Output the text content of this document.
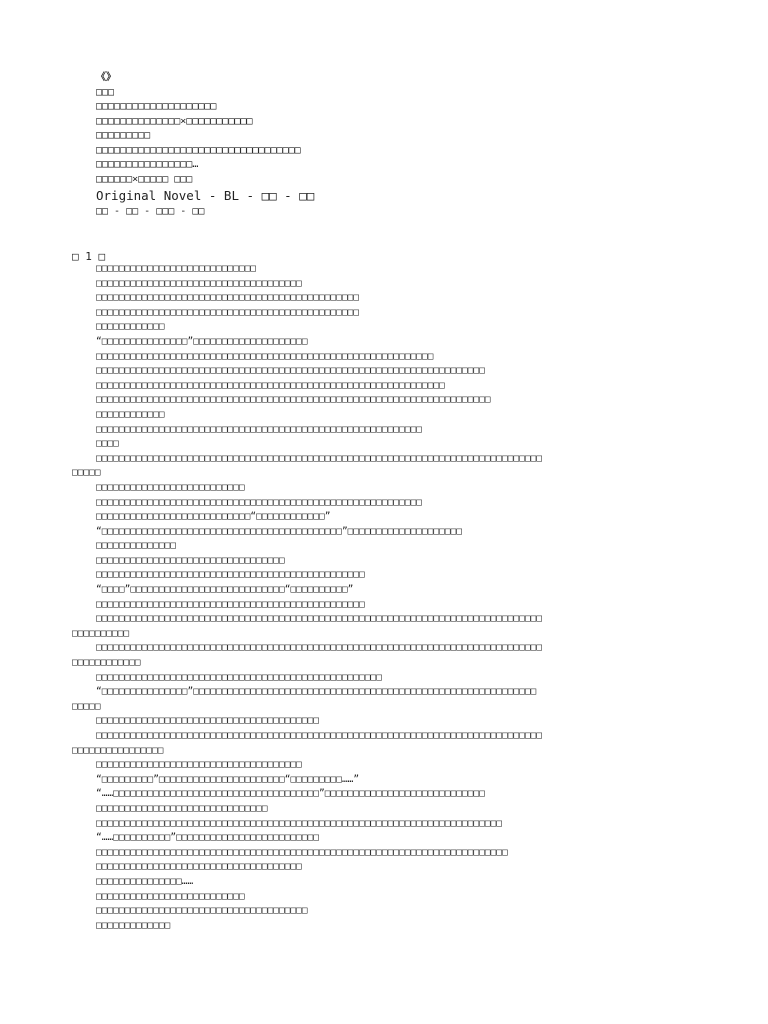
《》
□□□
□□□□□□□□□□□□□□□□□□□□
□□□□□□□□□□□□□□×□□□□□□□□□□□
□□□□□□□□□
□□□□□□□□□□□□□□□□□□□□□□□□□□□□□□□□□□
□□□□□□□□□□□□□□□□…
□□□□□□×□□□□□ □□□
Original Novel - BL - □□ - □□
□□ - □□ - □□□ - □□
□ 1 □
□□□□□□□□□□□□□□□□□□□□□□□□□□□□
□□□□□□□□□□□□□□□□□□□□□□□□□□□□□□□□□□□□
□□□□□□□□□□□□□□□□□□□□□□□□□□□□□□□□□□□□□□□□□□□□□□
□□□□□□□□□□□□□□□□□□□□□□□□□□□□□□□□□□□□□□□□□□□□□□
□□□□□□□□□□□□
“□□□□□□□□□□□□□□□”□□□□□□□□□□□□□□□□□□□□
□□□□□□□□□□□□□□□□□□□□□□□□□□□□□□□□□□□□□□□□□□□□□□□□□□□□□□□□□□□
□□□□□□□□□□□□□□□□□□□□□□□□□□□□□□□□□□□□□□□□□□□□□□□□□□□□□□□□□□□□□□□□□□□□
□□□□□□□□□□□□□□□□□□□□□□□□□□□□□□□□□□□□□□□□□□□□□□□□□□□□□□□□□□□□□
□□□□□□□□□□□□□□□□□□□□□□□□□□□□□□□□□□□□□□□□□□□□□□□□□□□□□□□□□□□□□□□□□□□□□
□□□□□□□□□□□□
□□□□□□□□□□□□□□□□□□□□□□□□□□□□□□□□□□□□□□□□□□□□□□□□□□□□□□□□□
□□□□
□□□□□□□□□□□□□□□□□□□□□□□□□□□□□□□□□□□□□□□□□□□□□□□□□□□□□□□□□□□□□□□□□□□□□□□□□□□□□□
□□□□□
□□□□□□□□□□□□□□□□□□□□□□□□□□
□□□□□□□□□□□□□□□□□□□□□□□□□□□□□□□□□□□□□□□□□□□□□□□□□□□□□□□□□
□□□□□□□□□□□□□□□□□□□□□□□□□□□“□□□□□□□□□□□□”
“□□□□□□□□□□□□□□□□□□□□□□□□□□□□□□□□□□□□□□□□□□”□□□□□□□□□□□□□□□□□□□□
□□□□□□□□□□□□□□
□□□□□□□□□□□□□□□□□□□□□□□□□□□□□□□□□
□□□□□□□□□□□□□□□□□□□□□□□□□□□□□□□□□□□□□□□□□□□□□□□
“□□□□”□□□□□□□□□□□□□□□□□□□□□□□□□□□“□□□□□□□□□□”
□□□□□□□□□□□□□□□□□□□□□□□□□□□□□□□□□□□□□□□□□□□□□□□
□□□□□□□□□□□□□□□□□□□□□□□□□□□□□□□□□□□□□□□□□□□□□□□□□□□□□□□□□□□□□□□□□□□□□□□□□□□□□□
□□□□□□□□□□
□□□□□□□□□□□□□□□□□□□□□□□□□□□□□□□□□□□□□□□□□□□□□□□□□□□□□□□□□□□□□□□□□□□□□□□□□□□□□□
□□□□□□□□□□□□
□□□□□□□□□□□□□□□□□□□□□□□□□□□□□□□□□□□□□□□□□□□□□□□□□□
“□□□□□□□□□□□□□□□”□□□□□□□□□□□□□□□□□□□□□□□□□□□□□□□□□□□□□□□□□□□□□□□□□□□□□□□□□□□□
□□□□□
□□□□□□□□□□□□□□□□□□□□□□□□□□□□□□□□□□□□□□□
□□□□□□□□□□□□□□□□□□□□□□□□□□□□□□□□□□□□□□□□□□□□□□□□□□□□□□□□□□□□□□□□□□□□□□□□□□□□□□
□□□□□□□□□□□□□□□□
□□□□□□□□□□□□□□□□□□□□□□□□□□□□□□□□□□□□
“□□□□□□□□□”□□□□□□□□□□□□□□□□□□□□□□“□□□□□□□□□……”
“……□□□□□□□□□□□□□□□□□□□□□□□□□□□□□□□□□□□□”□□□□□□□□□□□□□□□□□□□□□□□□□□□□
□□□□□□□□□□□□□□□□□□□□□□□□□□□□□□
□□□□□□□□□□□□□□□□□□□□□□□□□□□□□□□□□□□□□□□□□□□□□□□□□□□□□□□□□□□□□□□□□□□□□□□
“……□□□□□□□□□□”□□□□□□□□□□□□□□□□□□□□□□□□□
□□□□□□□□□□□□□□□□□□□□□□□□□□□□□□□□□□□□□□□□□□□□□□□□□□□□□□□□□□□□□□□□□□□□□□□□
□□□□□□□□□□□□□□□□□□□□□□□□□□□□□□□□□□□□
□□□□□□□□□□□□□□□……
□□□□□□□□□□□□□□□□□□□□□□□□□□
□□□□□□□□□□□□□□□□□□□□□□□□□□□□□□□□□□□□□
□□□□□□□□□□□□□
